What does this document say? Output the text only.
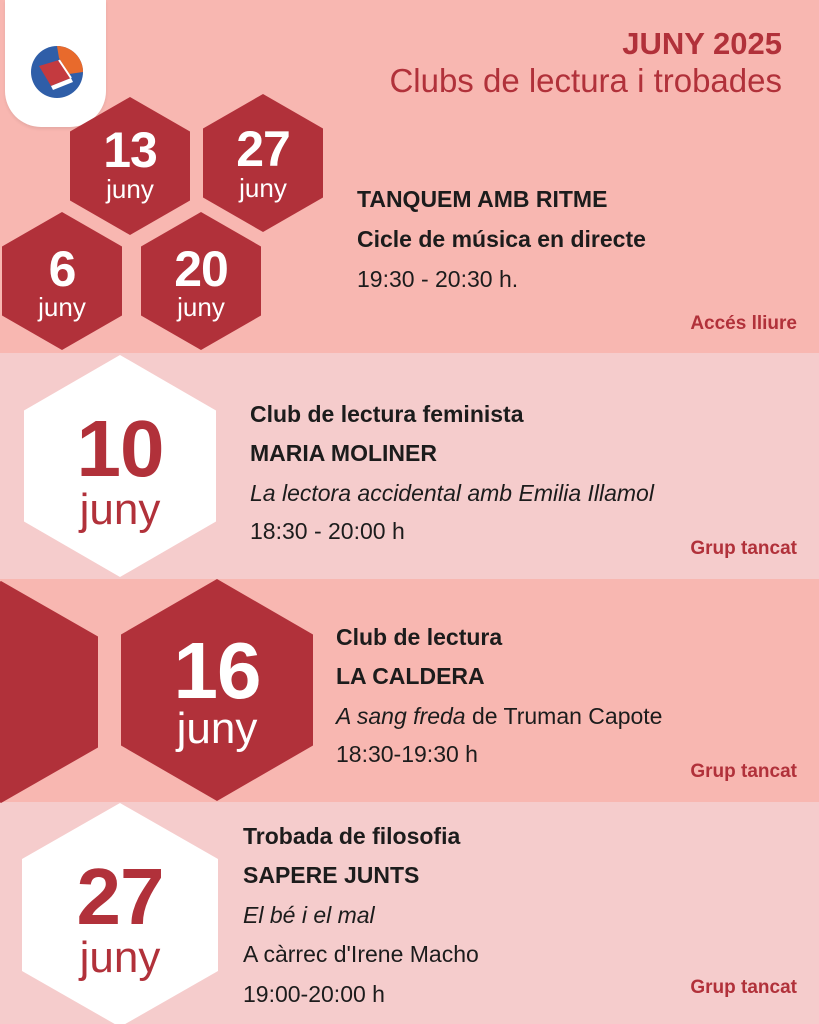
JUNY 2025
Clubs de lectura i trobades
13
juny
27
juny
6
juny
20
juny
TANQUEM AMB RITME
Cicle de música en directe
19:30 - 20:30 h.
Accés lliure
10
juny
Club de lectura feminista
MARIA MOLINER
La lectora accidental amb Emilia Illamol
18:30 - 20:00 h
Grup tancat
16
juny
Club de lectura
LA CALDERA
A sang freda de Truman Capote
18:30-19:30 h
Grup tancat
27
juny
Trobada de filosofia
SAPERE JUNTS
El bé i el mal
A càrrec d'Irene Macho
19:00-20:00 h	Grup tancat
